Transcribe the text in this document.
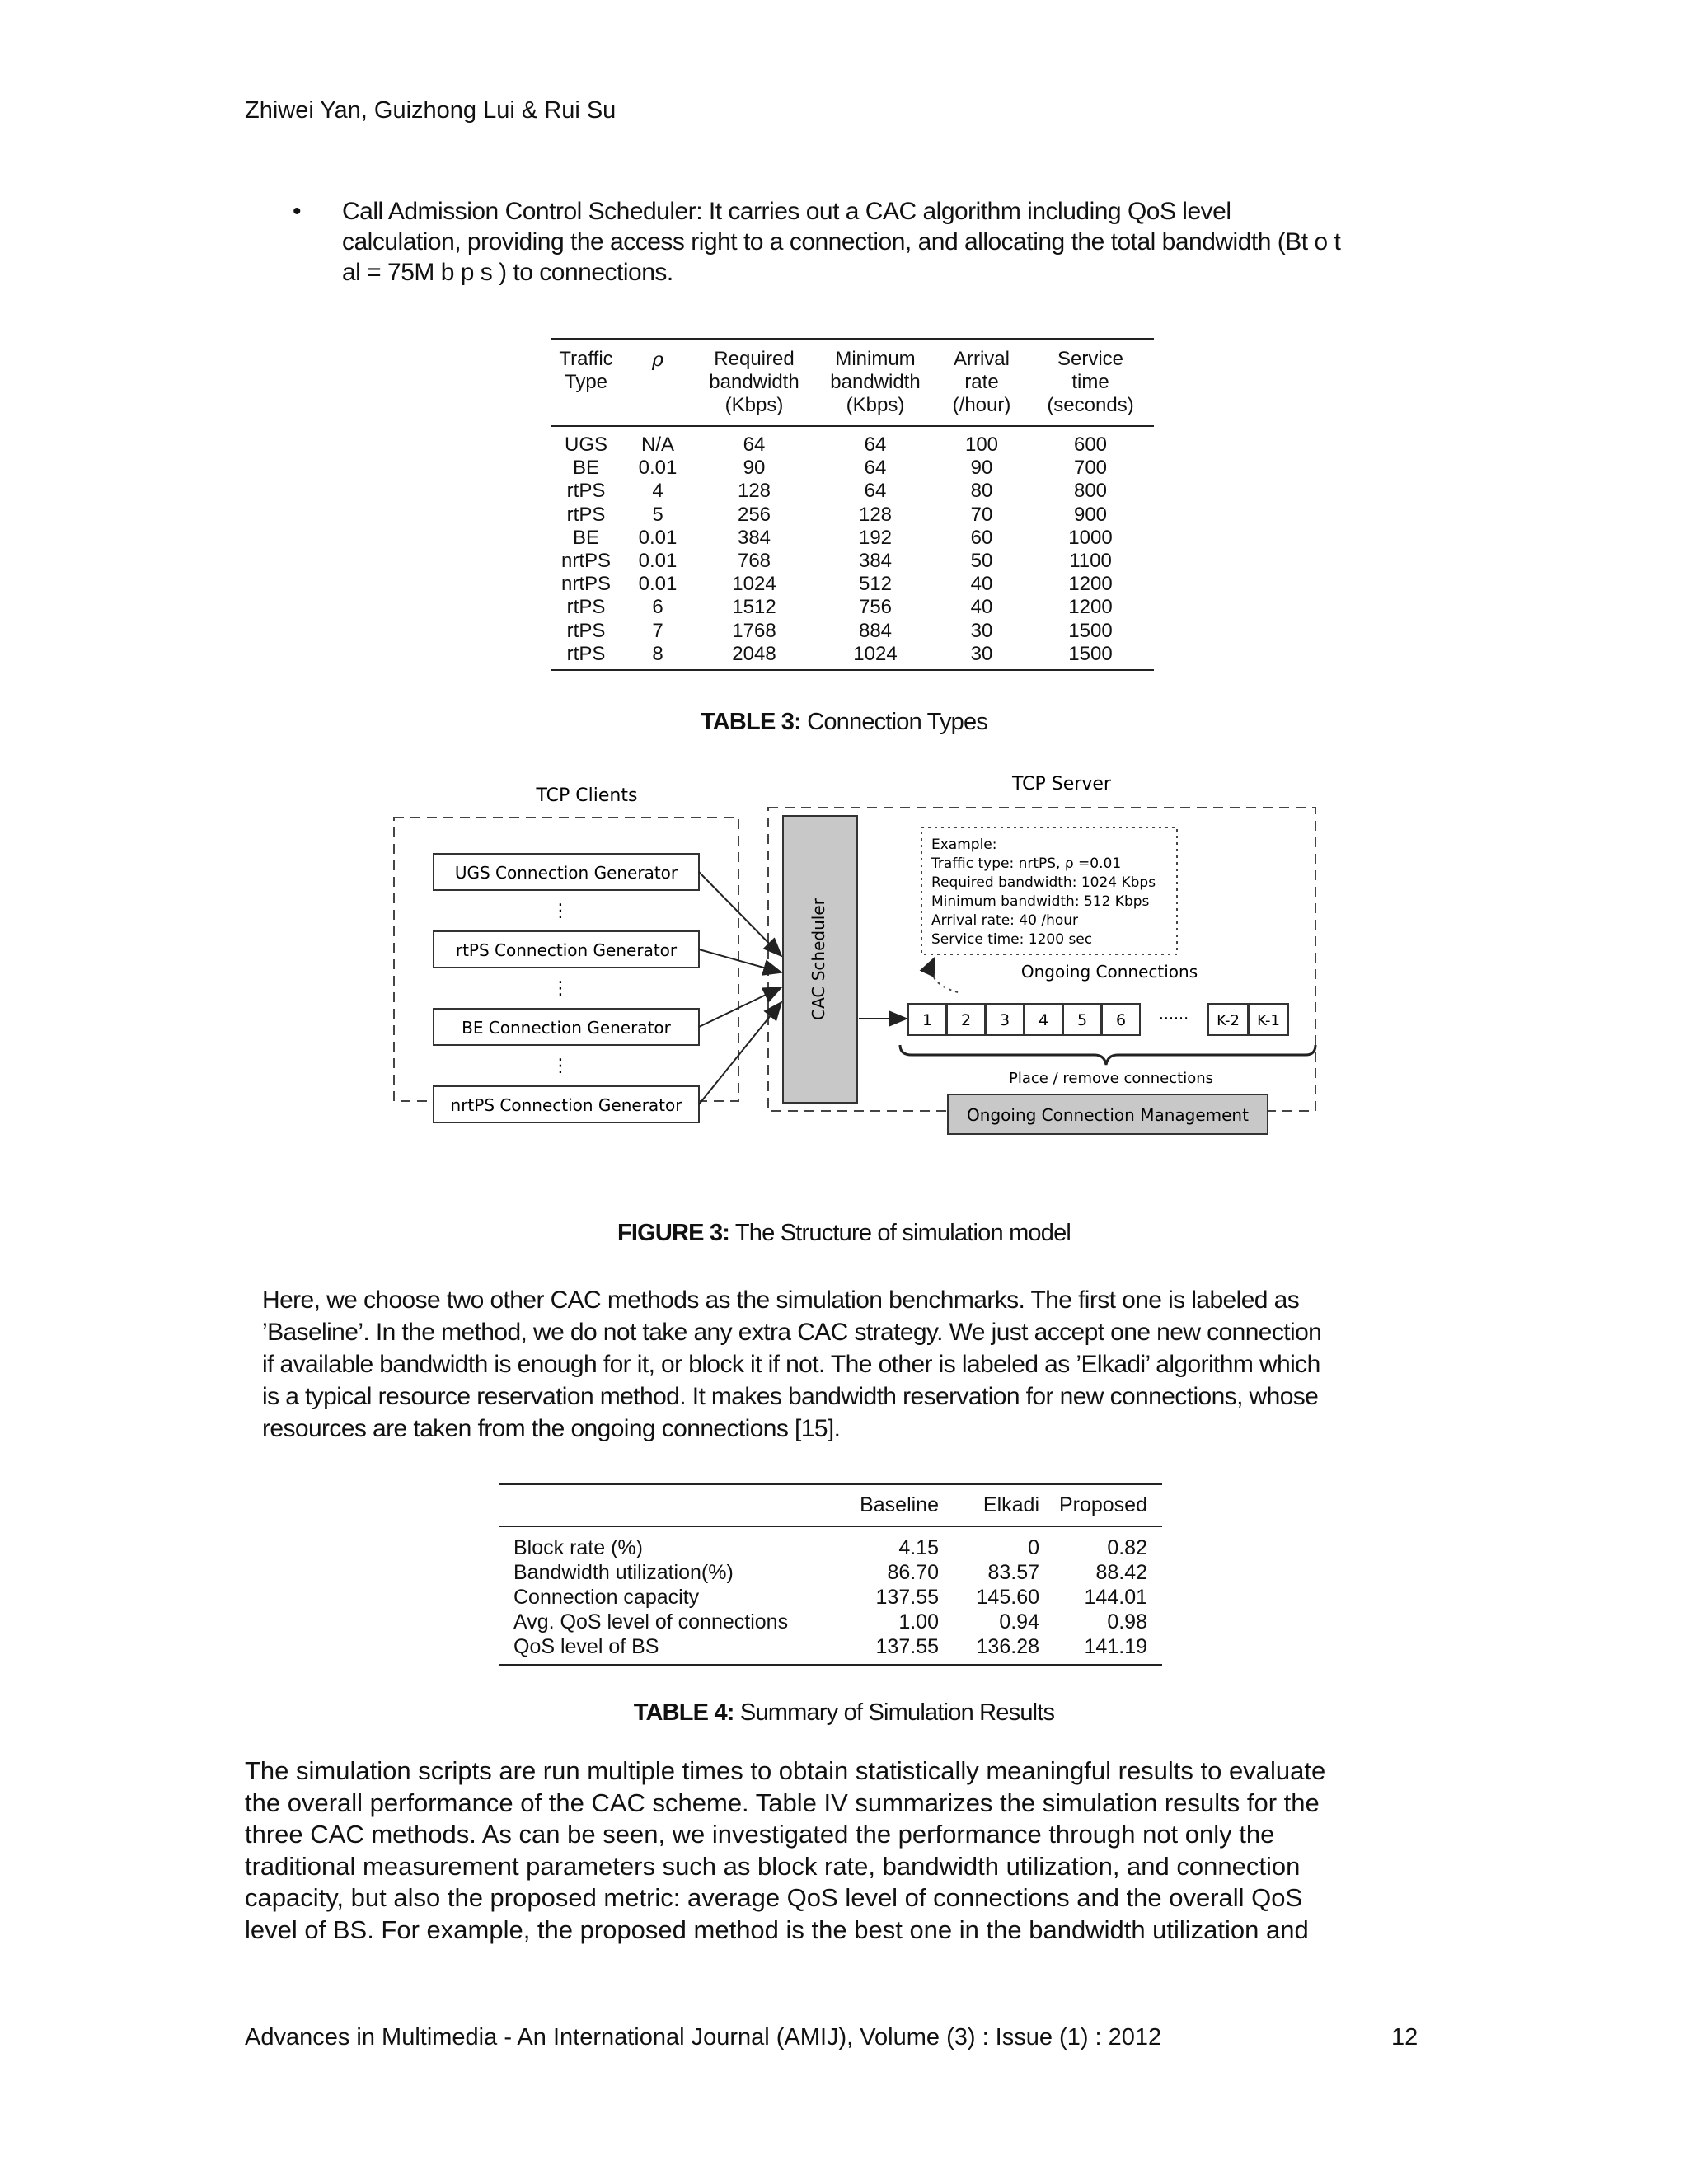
Zhiwei Yan, Guizhong Lui & Rui Su
• Call Admission Control Scheduler: It carries out a CAC algorithm including QoS level
calculation, providing the access right to a connection, and allocating the total bandwidth (Bt o t
al = 75M b p s ) to connections.
Traffic
Type	ρ	Required
bandwidth
(Kbps)	Minimum
bandwidth
(Kbps)	Arrival
rate
(/hour)	Service
time
(seconds)

UGS	N/A	64	64	100	600
BE	0.01	90	64	90	700
rtPS	4	128	64	80	800
rtPS	5	256	128	70	900
BE	0.01	384	192	60	1000
nrtPS	0.01	768	384	50	1100
nrtPS	0.01	1024	512	40	1200
rtPS	6	1512	756	40	1200
rtPS	7	1768	884	30	1500
rtPS	8	2048	1024	30	1500
TABLE 3: Connection Types
TCP Clients
TCP Server
UGS Connection Generator
⋮
rtPS Connection Generator
⋮
BE Connection Generator
⋮
nrtPS Connection Generator
CAC Scheduler
Example:
Traffic type: nrtPS, ρ =0.01
Required bandwidth: 1024 Kbps
Minimum bandwidth: 512 Kbps
Arrival rate: 40 /hour
Service time: 1200 sec
Ongoing Connections
1 2 3 4 5 6 ······ K-2 K-1
Place / remove connections
Ongoing Connection Management
FIGURE 3: The Structure of simulation model
Here, we choose two other CAC methods as the simulation benchmarks. The first one is labeled as
’Baseline’. In the method, we do not take any extra CAC strategy. We just accept one new connection
if available bandwidth is enough for it, or block it if not. The other is labeled as ’Elkadi’ algorithm which
is a typical resource reservation method. It makes bandwidth reservation for new connections, whose
resources are taken from the ongoing connections [15].
	Baseline	Elkadi	Proposed
Block rate (%)	4.15	0	0.82
Bandwidth utilization(%)	86.70	83.57	88.42
Connection capacity	137.55	145.60	144.01
Avg. QoS level of connections	1.00	0.94	0.98
QoS level of BS	137.55	136.28	141.19
TABLE 4: Summary of Simulation Results
The simulation scripts are run multiple times to obtain statistically meaningful results to evaluate
the overall performance of the CAC scheme. Table IV summarizes the simulation results for the
three CAC methods. As can be seen, we investigated the performance through not only the
traditional measurement parameters such as block rate, bandwidth utilization, and connection
capacity, but also the proposed metric: average QoS level of connections and the overall QoS
level of BS. For example, the proposed method is the best one in the bandwidth utilization and
Advances in Multimedia - An International Journal (AMIJ), Volume (3) : Issue (1) : 2012	12
